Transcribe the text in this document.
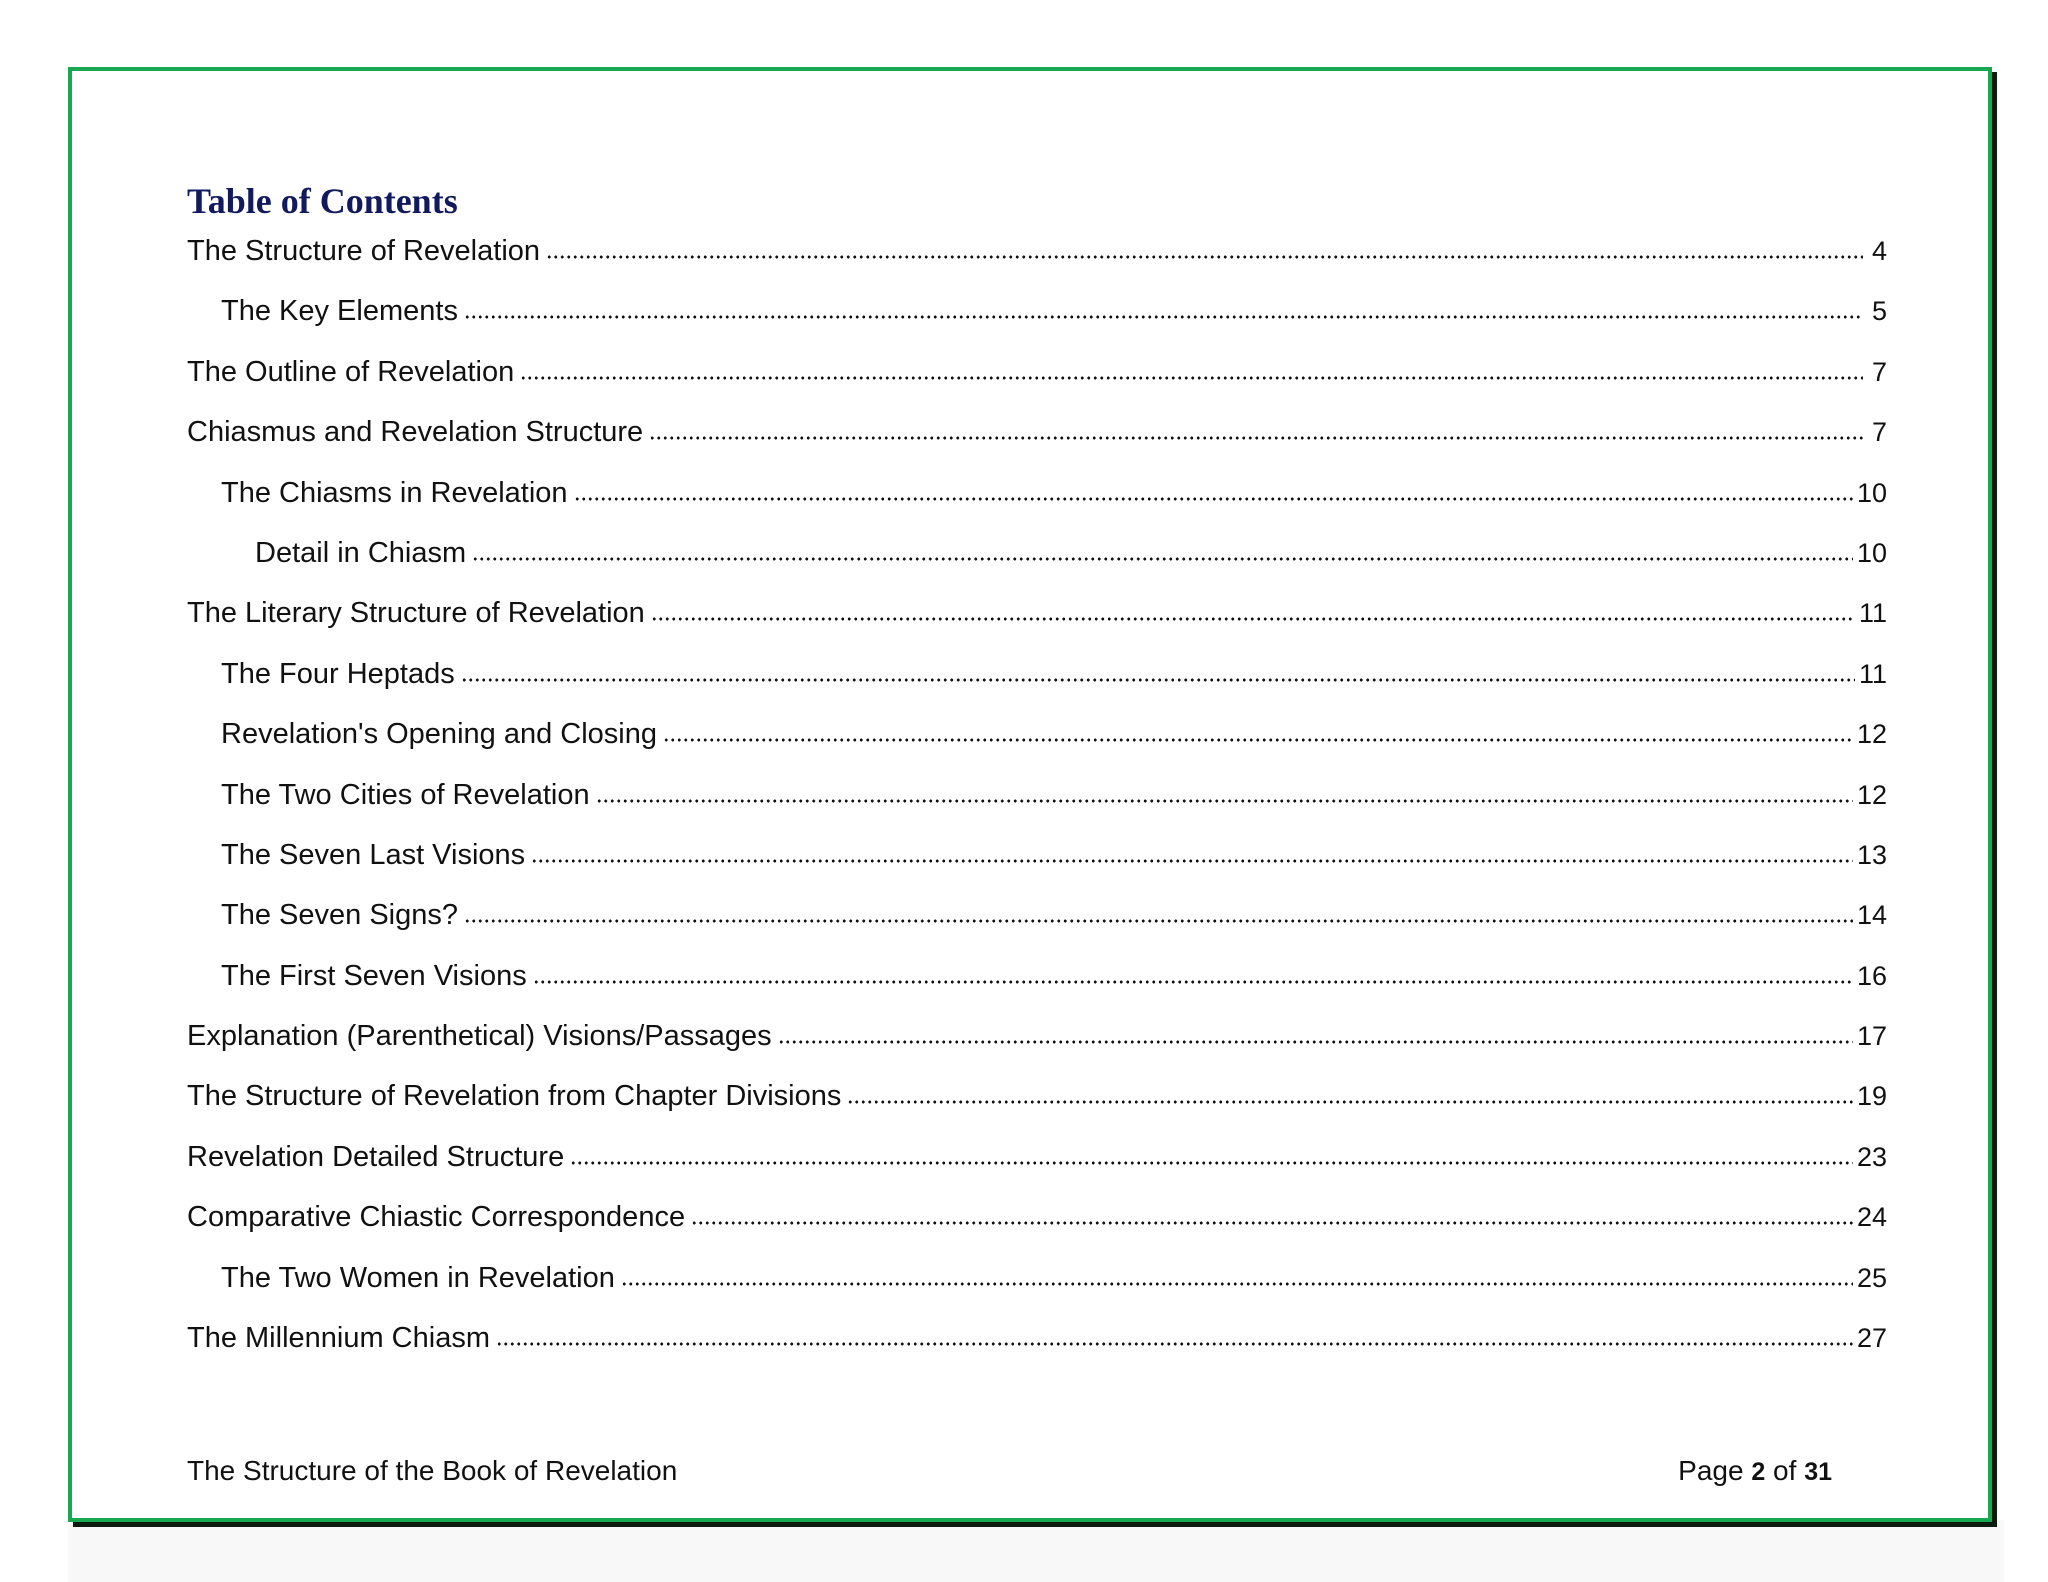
Table of Contents
The Structure of Revelation	4
The Key Elements	5
The Outline of Revelation	7
Chiasmus and Revelation Structure	7
The Chiasms in Revelation	10
Detail in Chiasm	10
The Literary Structure of Revelation	11
The Four Heptads	11
Revelation's Opening and Closing	12
The Two Cities of Revelation	12
The Seven Last Visions	13
The Seven Signs?	14
The First Seven Visions	16
Explanation (Parenthetical) Visions/Passages	17
The Structure of Revelation from Chapter Divisions	19
Revelation Detailed Structure	23
Comparative Chiastic Correspondence	24
The Two Women in Revelation	25
The Millennium Chiasm	27
The Structure of the Book of Revelation	Page 2 of 31
